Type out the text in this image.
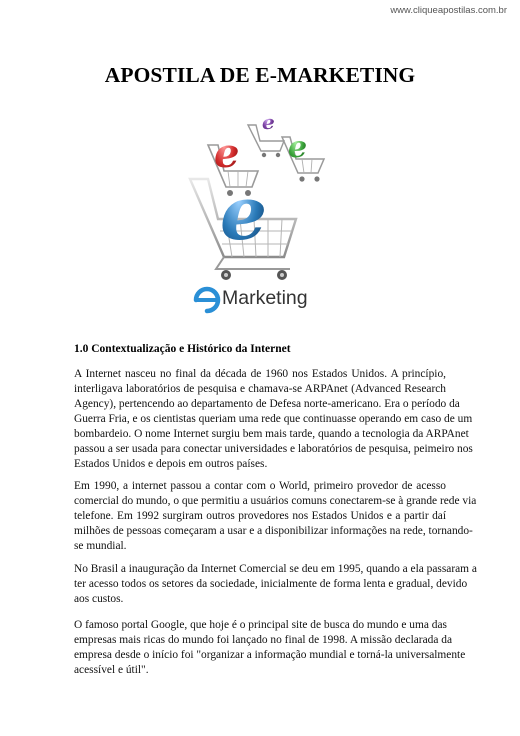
www.cliqueapostilas.com.br
APOSTILA DE E-MARKETING
e
e e
e
Marketing
1.0 Contextualização e Histórico da Internet
A Internet nasceu no final da década de 1960 nos Estados Unidos. A princípio,
interligava laboratórios de pesquisa e chamava-se ARPAnet (Advanced Research
Agency), pertencendo ao departamento de Defesa norte-americano. Era o período da
Guerra Fria, e os cientistas queriam uma rede que continuasse operando em caso de um
bombardeio. O nome Internet surgiu bem mais tarde, quando a tecnologia da ARPAnet
passou a ser usada para conectar universidades e laboratórios de pesquisa, peimeiro nos
Estados Unidos e depois em outros países.
Em 1990, a internet passou a contar com o World, primeiro provedor de acesso
comercial do mundo, o que permitiu a usuários comuns conectarem-se à grande rede via
telefone. Em 1992 surgiram outros provedores nos Estados Unidos e a partir daí
milhões de pessoas começaram a usar e a disponibilizar informações na rede, tornando-
se mundial.
No Brasil a inauguração da Internet Comercial se deu em 1995, quando a ela passaram a
ter acesso todos os setores da sociedade, inicialmente de forma lenta e gradual, devido
aos custos.
O famoso portal Google, que hoje é o principal site de busca do mundo e uma das
empresas mais ricas do mundo foi lançado no final de 1998. A missão declarada da
empresa desde o início foi "organizar a informação mundial e torná-la universalmente
acessível e útil".
